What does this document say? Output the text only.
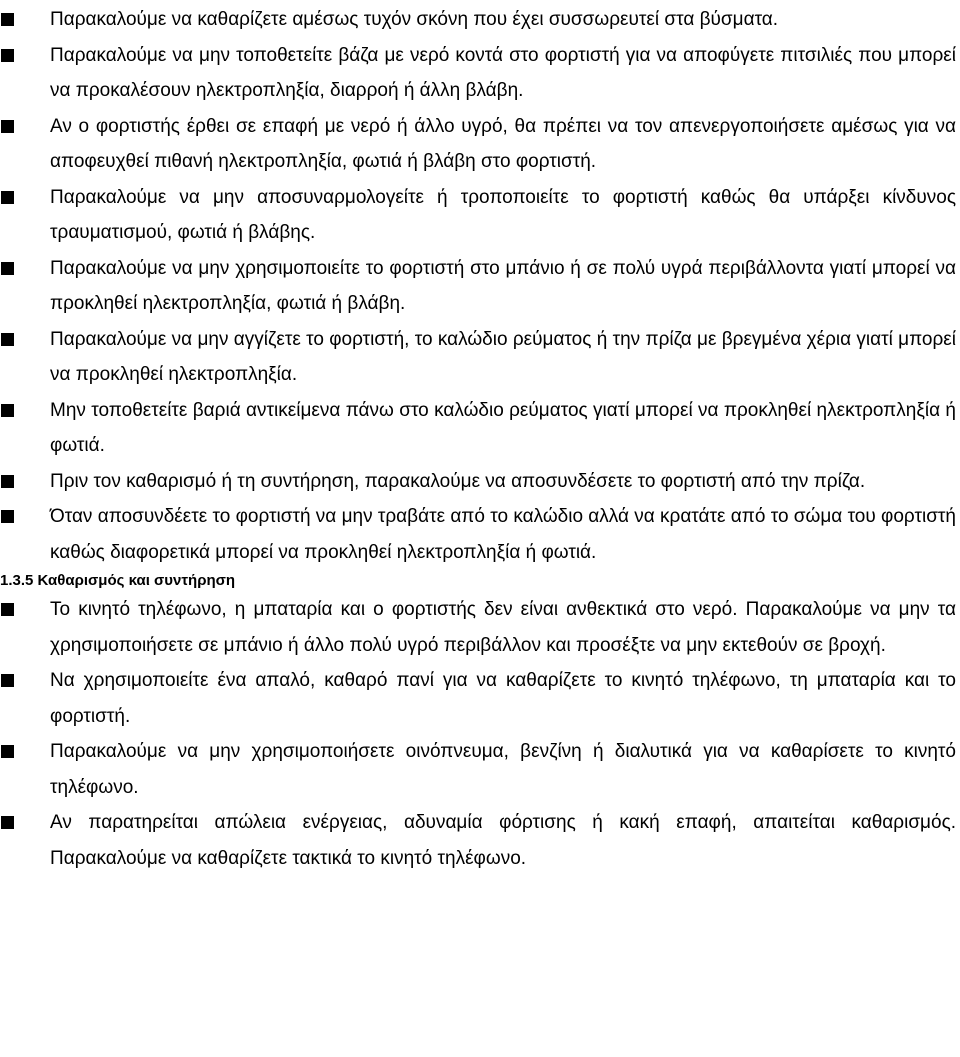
Παρακαλούμε να καθαρίζετε αμέσως τυχόν σκόνη που έχει συσσωρευτεί στα βύσματα.
Παρακαλούμε να μην τοποθετείτε βάζα με νερό κοντά στο φορτιστή για να αποφύγετε πιτσιλιές που μπορεί να προκαλέσουν ηλεκτροπληξία, διαρροή ή άλλη βλάβη.
Αν ο φορτιστής έρθει σε επαφή με νερό ή άλλο υγρό, θα πρέπει να τον απενεργοποιήσετε αμέσως για να αποφευχθεί πιθανή ηλεκτροπληξία, φωτιά ή βλάβη στο φορτιστή.
Παρακαλούμε να μην αποσυναρμολογείτε ή τροποποιείτε το φορτιστή καθώς θα υπάρξει κίνδυνος τραυματισμού, φωτιά ή βλάβης.
Παρακαλούμε να μην χρησιμοποιείτε το φορτιστή στο μπάνιο ή σε πολύ υγρά περιβάλλοντα γιατί μπορεί να προκληθεί ηλεκτροπληξία, φωτιά ή βλάβη.
Παρακαλούμε να μην αγγίζετε το φορτιστή, το καλώδιο ρεύματος ή την πρίζα με βρεγμένα χέρια γιατί μπορεί να προκληθεί ηλεκτροπληξία.
Μην τοποθετείτε βαριά αντικείμενα πάνω στο καλώδιο ρεύματος γιατί μπορεί να προκληθεί ηλεκτροπληξία ή φωτιά.
Πριν τον καθαρισμό ή τη συντήρηση, παρακαλούμε να αποσυνδέσετε το φορτιστή από την πρίζα.
Όταν αποσυνδέετε το φορτιστή να μην τραβάτε από το καλώδιο αλλά να κρατάτε από το σώμα του φορτιστή καθώς διαφορετικά μπορεί να προκληθεί ηλεκτροπληξία ή φωτιά.
1.3.5 Καθαρισμός και συντήρηση
Το κινητό τηλέφωνο, η μπαταρία και ο φορτιστής δεν είναι ανθεκτικά στο νερό. Παρακαλούμε να μην τα χρησιμοποιήσετε σε μπάνιο ή άλλο πολύ υγρό περιβάλλον και προσέξτε να μην εκτεθούν σε βροχή.
Να χρησιμοποιείτε ένα απαλό, καθαρό πανί για να καθαρίζετε το κινητό τηλέφωνο, τη μπαταρία και το φορτιστή.
Παρακαλούμε να μην χρησιμοποιήσετε οινόπνευμα, βενζίνη ή διαλυτικά για να καθαρίσετε το κινητό τηλέφωνο.
Αν παρατηρείται απώλεια ενέργειας, αδυναμία φόρτισης ή κακή επαφή, απαιτείται καθαρισμός. Παρακαλούμε να καθαρίζετε τακτικά το κινητό τηλέφωνο.
